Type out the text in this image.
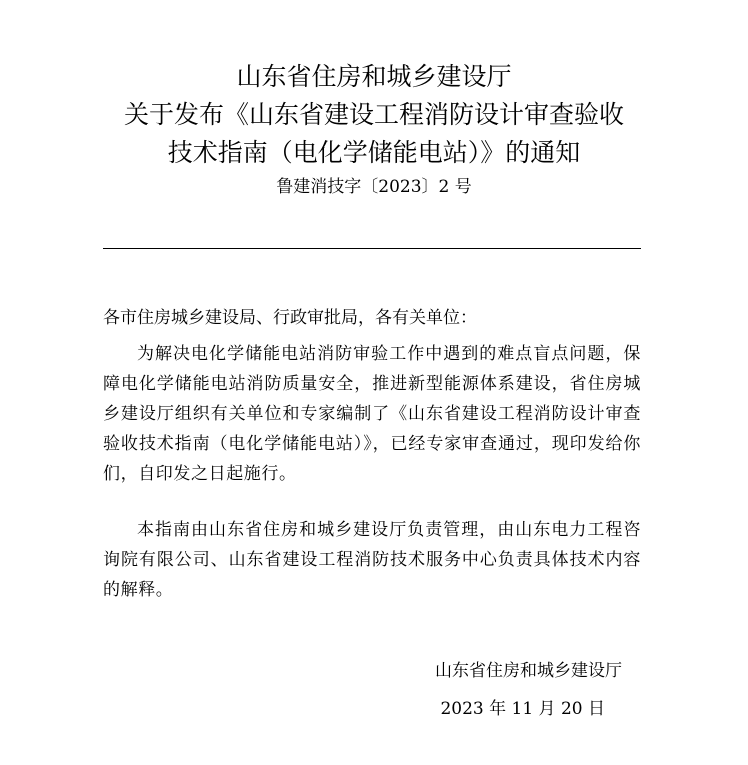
山东省住房和城乡建设厅
关于发布《山东省建设工程消防设计审查验收
技术指南（电化学储能电站）》的通知
鲁建消技字〔2023〕2 号
各市住房城乡建设局、行政审批局，各有关单位：
为解决电化学储能电站消防审验工作中遇到的难点盲点问题，保障电化学储能电站消防质量安全，推进新型能源体系建设，省住房城乡建设厅组织有关单位和专家编制了《山东省建设工程消防设计审查验收技术指南（电化学储能电站）》，已经专家审查通过，现印发给你们，自印发之日起施行。
本指南由山东省住房和城乡建设厅负责管理，由山东电力工程咨询院有限公司、山东省建设工程消防技术服务中心负责具体技术内容的解释。
山东省住房和城乡建设厅
2023 年 11 月 20 日
